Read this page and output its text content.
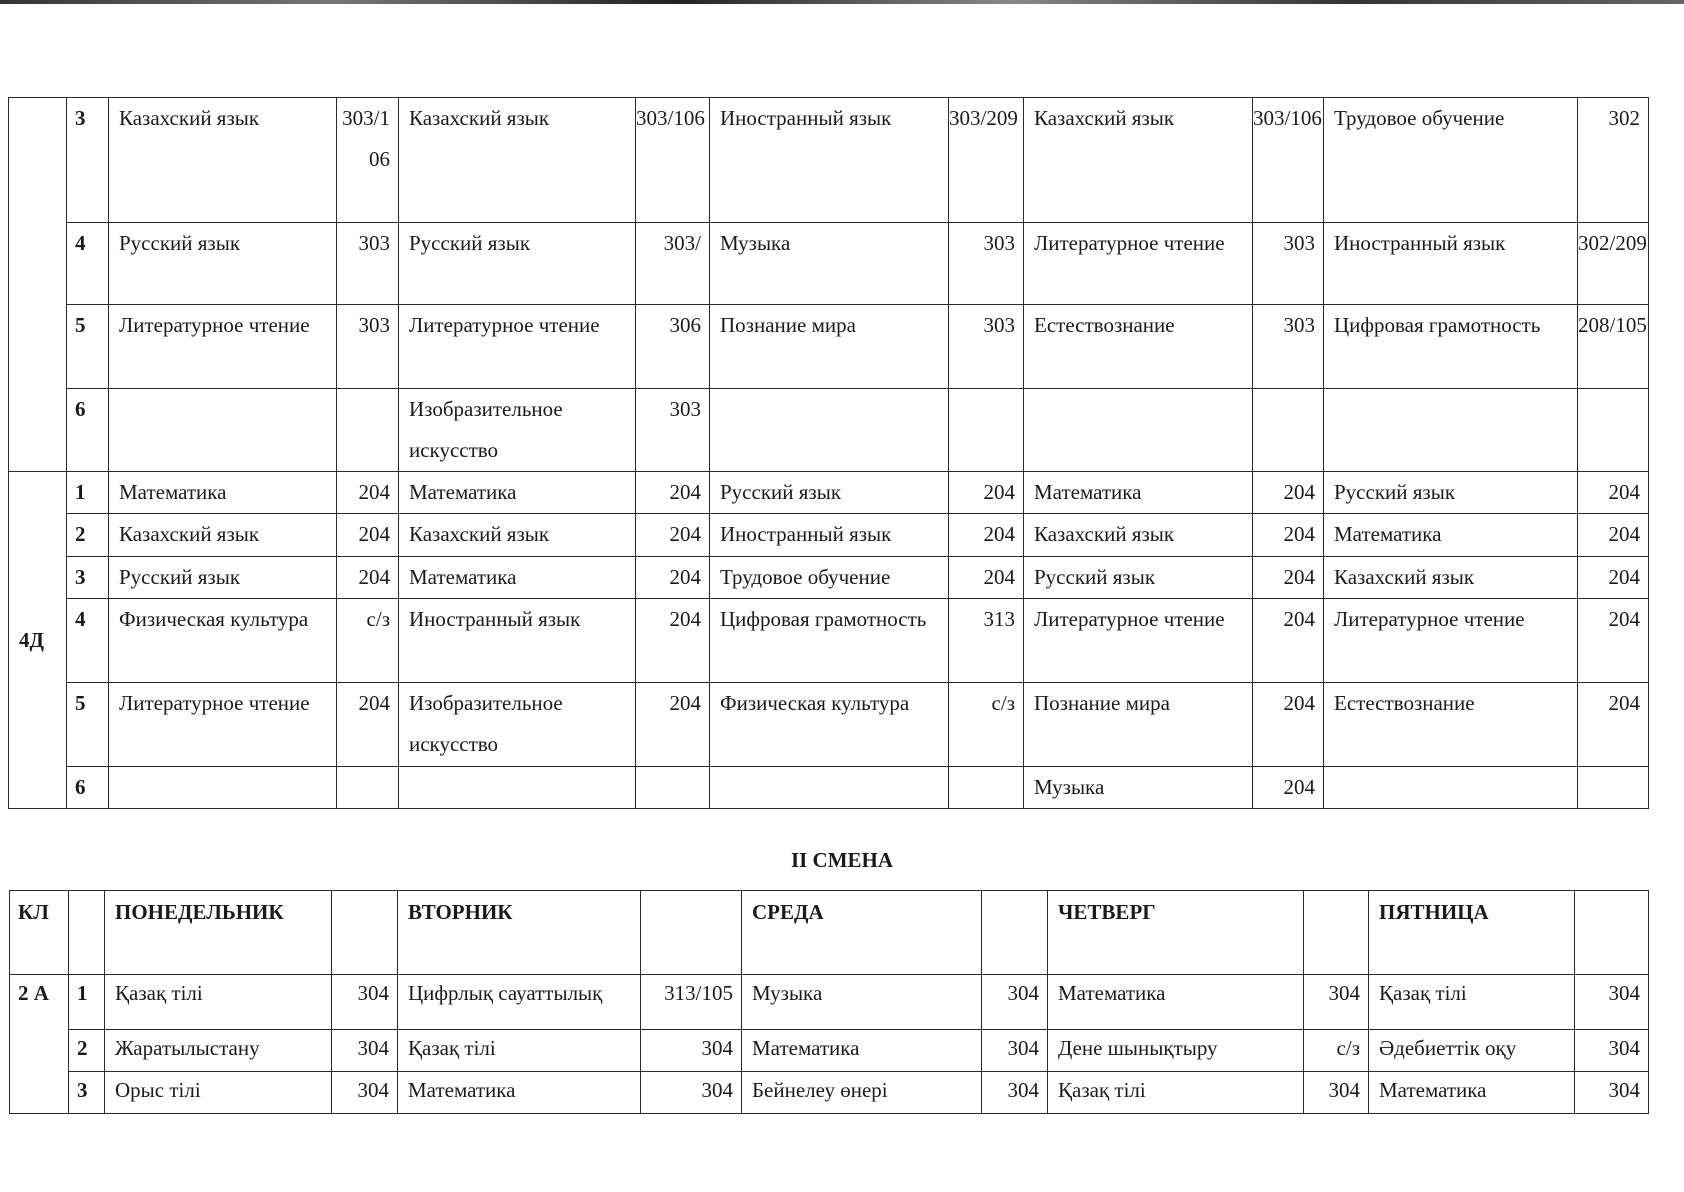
	3	Казахский язык	303/106	Казахский язык	303/106	Иностранный язык	303/209	Казахский язык	303/106	Трудовое обучение	302
	4	Русский язык	303	Русский язык	303/	Музыка	303	Литературное чтение	303	Иностранный язык	302/209
	5	Литературное чтение	303	Литературное чтение	306	Познание мира	303	Естествознание	303	Цифровая грамотность	208/105
	6			Изобразительное искусство	303						
4Д	1	Математика	204	Математика	204	Русский язык	204	Математика	204	Русский язык	204
	2	Казахский язык	204	Казахский язык	204	Иностранный язык	204	Казахский язык	204	Математика	204
	3	Русский язык	204	Математика	204	Трудовое обучение	204	Русский язык	204	Казахский язык	204
	4	Физическая культура	с/з	Иностранный язык	204	Цифровая грамотность	313	Литературное чтение	204	Литературное чтение	204
	5	Литературное чтение	204	Изобразительное искусство	204	Физическая культура	с/з	Познание мира	204	Естествознание	204
	6							Музыка	204		
II СМЕНА
КЛ		ПОНЕДЕЛЬНИК		ВТОРНИК		СРЕДА		ЧЕТВЕРГ		ПЯТНИЦА	
2 А	1	Қазақ тілі	304	Цифрлық сауаттылық	313/105	Музыка	304	Математика	304	Қазақ тілі	304
	2	Жаратылыстану	304	Қазақ тілі	304	Математика	304	Дене шынықтыру	с/з	Әдебиеттік оқу	304
	3	Орыс тілі	304	Математика	304	Бейнелеу өнері	304	Қазақ тілі	304	Математика	304
